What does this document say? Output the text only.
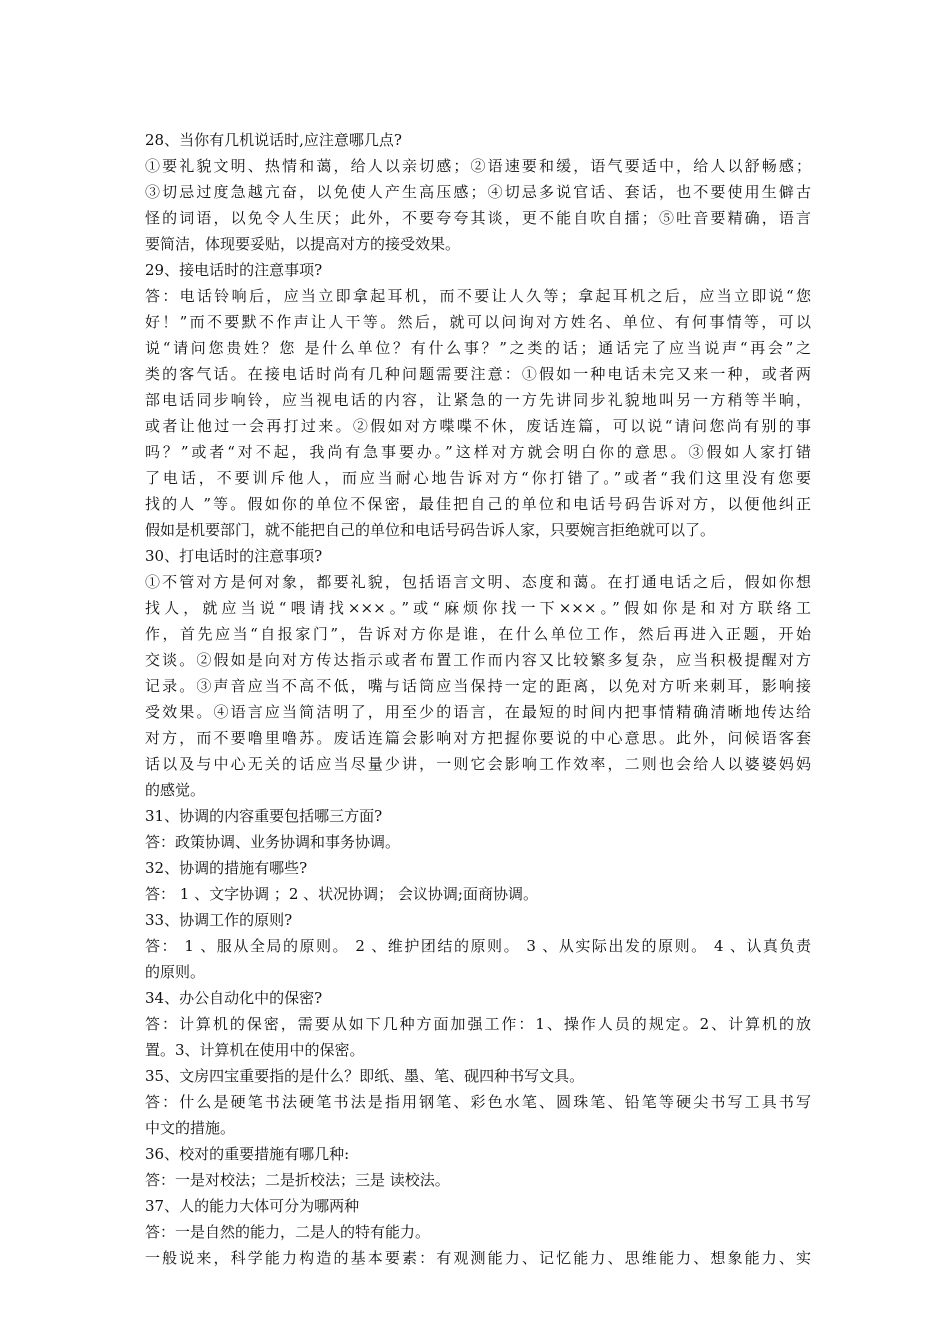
28、当你有几机说话时,应注意哪几点?
①要礼貌文明、热情和蔼，给人以亲切感；②语速要和缓，语气要适中，给人以舒畅感；
③切忌过度急越亢奋，以免使人产生高压感；④切忌多说官话、套话，也不要使用生僻古
怪的词语，以免令人生厌；此外，不要夸夸其谈，更不能自吹自擂；⑤吐音要精确，语言
要简洁，体现要妥贴，以提高对方的接受效果。
29、接电话时的注意事项?
答：电话铃响后，应当立即拿起耳机，而不要让人久等；拿起耳机之后，应当立即说“您
好！”而不要默不作声让人干等。然后，就可以问询对方姓名、单位、有何事情等，可以
说“请问您贵姓？您 是什么单位？有什么事？”之类的话；通话完了应当说声“再会”之
类的客气话。在接电话时尚有几种问题需要注意：①假如一种电话未完又来一种，或者两
部电话同步响铃，应当视电话的内容，让紧急的一方先讲同步礼貌地叫另一方稍等半晌，
或者让他过一会再打过来。②假如对方喋喋不休，废话连篇，可以说“请问您尚有别的事
吗？”或者“对不起，我尚有急事要办。”这样对方就会明白你的意思。③假如人家打错
了电话，不要训斥他人，而应当耐心地告诉对方“你打错了。”或者“我们这里没有您要
找的人 ”等。假如你的单位不保密，最佳把自己的单位和电话号码告诉对方，以便他纠正
假如是机要部门，就不能把自己的单位和电话号码告诉人家，只要婉言拒绝就可以了。
30、打电话时的注意事项?
①不管对方是何对象，都要礼貌，包括语言文明、态度和蔼。在打通电话之后，假如你想
找人，就应当说“喂请找×××。”或“麻烦你找一下×××。”假如你是和对方联络工
作，首先应当“自报家门”，告诉对方你是谁，在什么单位工作，然后再进入正题，开始
交谈。②假如是向对方传达指示或者布置工作而内容又比较繁多复杂，应当积极提醒对方
记录。③声音应当不高不低，嘴与话筒应当保持一定的距离，以免对方听来刺耳，影响接
受效果。④语言应当简洁明了，用至少的语言，在最短的时间内把事情精确清晰地传达给
对方，而不要噜里噜苏。废话连篇会影响对方把握你要说的中心意思。此外，问候语客套
话以及与中心无关的话应当尽量少讲，一则它会影响工作效率，二则也会给人以婆婆妈妈
的感觉。
31、协调的内容重要包括哪三方面?
答：政策协调、业务协调和事务协调。
32、协调的措施有哪些?
答： 1 、文字协调 ；2 、状况协调； 会议协调;面商协调。
33、协调工作的原则?
答： 1 、服从全局的原则。 2 、维护团结的原则。 3 、从实际出发的原则。 4 、认真负责
的原则。
34、办公自动化中的保密?
答：计算机的保密，需要从如下几种方面加强工作：1、操作人员的规定。2、计算机的放
置。3、计算机在使用中的保密。
35、文房四宝重要指的是什么？即纸、墨、笔、砚四种书写文具。
答：什么是硬笔书法硬笔书法是指用钢笔、彩色水笔、圆珠笔、铅笔等硬尖书写工具书写
中文的措施。
36、校对的重要措施有哪几种:
答：一是对校法；二是折校法；三是 读校法。
37、人的能力大体可分为哪两种
答：一是自然的能力，二是人的特有能力。
一般说来，科学能力构造的基本要素：有观测能力、记忆能力、思维能力、想象能力、实
